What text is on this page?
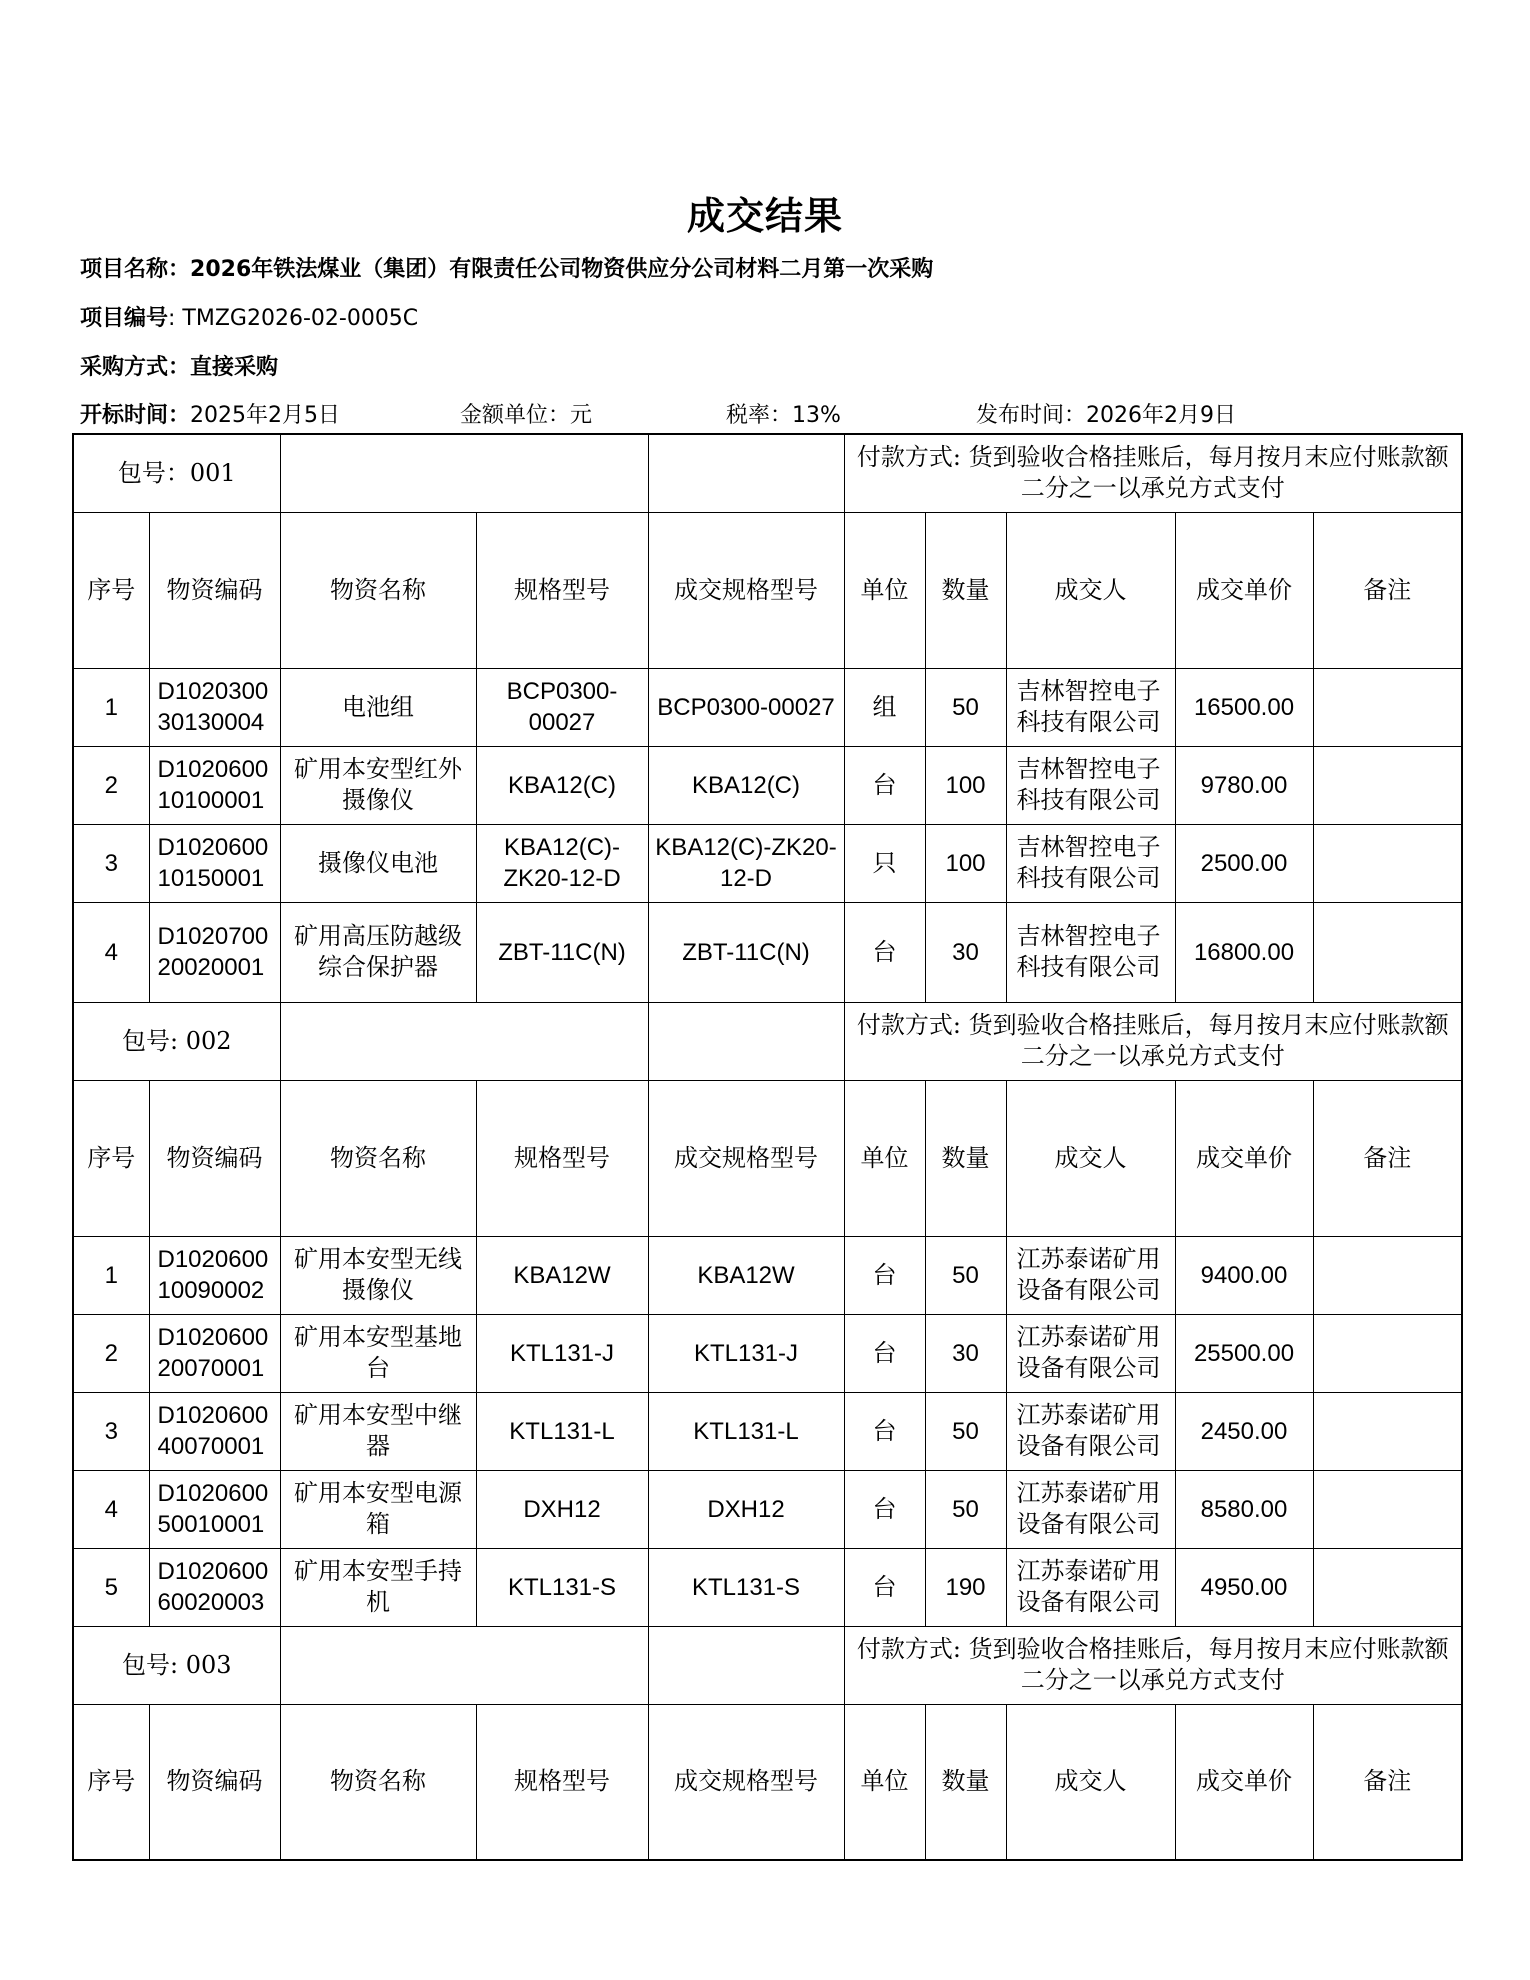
成交结果
项目名称：2026年铁法煤业（集团）有限责任公司物资供应分公司材料二月第一次采购
项目编号: TMZG2026-02-0005C
采购方式：直接采购
开标时间：2025年2月5日	金额单位：元	税率：13%	发布时间：2026年2月9日
包号：001					付款方式: 货到验收合格挂账后，每月按月末应付账款额二分之一以承兑方式支付				
序号	物资编码	物资名称	规格型号	成交规格型号	单位	数量	成交人	成交单价	备注
1	D102030030130004	电池组	BCP0300-00027	BCP0300-00027	组	50	吉林智控电子科技有限公司	16500.00	
2	D102060010100001	矿用本安型红外摄像仪	KBA12(C)	KBA12(C)	台	100	吉林智控电子科技有限公司	9780.00	
3	D102060010150001	摄像仪电池	KBA12(C)-ZK20-12-D	KBA12(C)-ZK20-12-D	只	100	吉林智控电子科技有限公司	2500.00	
4	D102070020020001	矿用高压防越级综合保护器	ZBT-11C(N)	ZBT-11C(N)	台	30	吉林智控电子科技有限公司	16800.00	
包号: 002					付款方式: 货到验收合格挂账后，每月按月末应付账款额二分之一以承兑方式支付				
序号	物资编码	物资名称	规格型号	成交规格型号	单位	数量	成交人	成交单价	备注
1	D102060010090002	矿用本安型无线摄像仪	KBA12W	KBA12W	台	50	江苏泰诺矿用设备有限公司	9400.00	
2	D102060020070001	矿用本安型基地台	KTL131-J	KTL131-J	台	30	江苏泰诺矿用设备有限公司	25500.00	
3	D102060040070001	矿用本安型中继器	KTL131-L	KTL131-L	台	50	江苏泰诺矿用设备有限公司	2450.00	
4	D102060050010001	矿用本安型电源箱	DXH12	DXH12	台	50	江苏泰诺矿用设备有限公司	8580.00	
5	D102060060020003	矿用本安型手持机	KTL131-S	KTL131-S	台	190	江苏泰诺矿用设备有限公司	4950.00	
包号: 003					付款方式: 货到验收合格挂账后，每月按月末应付账款额二分之一以承兑方式支付				
序号	物资编码	物资名称	规格型号	成交规格型号	单位	数量	成交人	成交单价	备注
